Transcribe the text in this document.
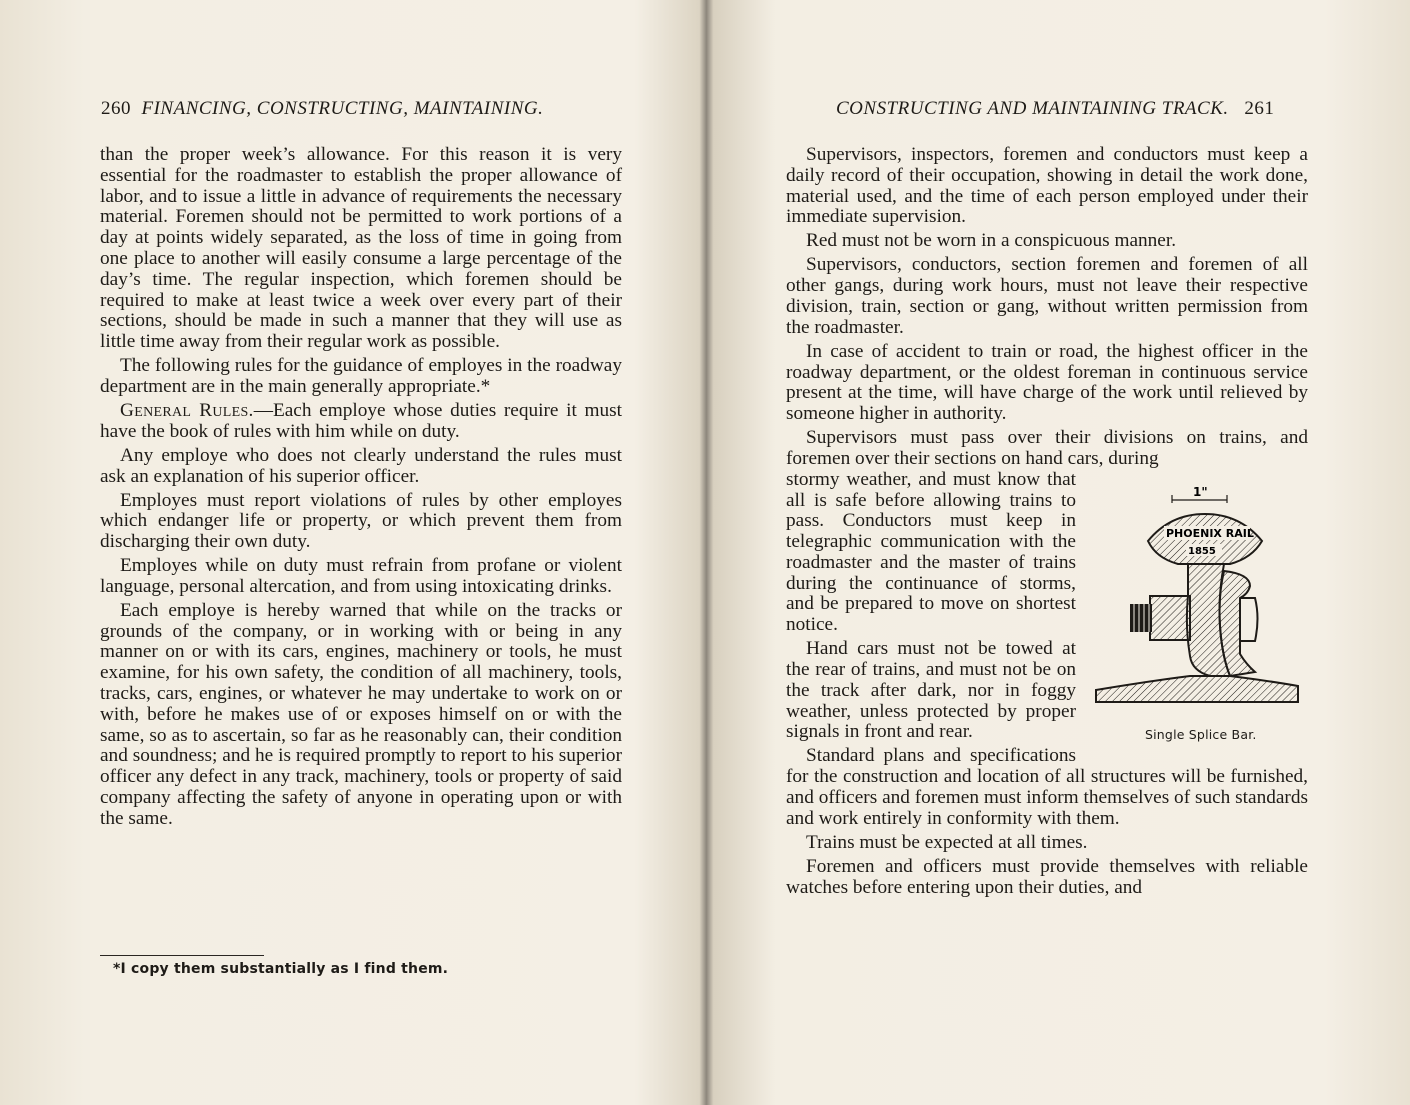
260 FINANCING, CONSTRUCTING, MAINTAINING.

than the proper week’s allowance. For this reason it is very essential for the roadmaster to establish the proper allowance of labor, and to issue a little in advance of requirements the necessary material. Foremen should not be permitted to work portions of a day at points widely separated, as the loss of time in going from one place to another will easily consume a large percentage of the day’s time. The regular inspection, which foremen should be required to make at least twice a week over every part of their sections, should be made in such a manner that they will use as little time away from their regular work as possible.

The following rules for the guidance of employes in the roadway department are in the main generally appropriate.*

General Rules.—Each employe whose duties require it must have the book of rules with him while on duty.

Any employe who does not clearly understand the rules must ask an explanation of his superior officer.

Employes must report violations of rules by other employes which endanger life or property, or which prevent them from discharging their own duty.

Employes while on duty must refrain from profane or violent language, personal altercation, and from using intoxicating drinks.

Each employe is hereby warned that while on the tracks or grounds of the company, or in working with or being in any manner on or with its cars, engines, machinery or tools, he must examine, for his own safety, the condition of all machinery, tools, tracks, cars, engines, or whatever he may undertake to work on or with, before he makes use of or exposes himself on or with the same, so as to ascertain, so far as he reasonably can, their condition and soundness; and he is required promptly to report to his superior officer any defect in any track, machinery, tools or property of said company affecting the safety of anyone in operating upon or with the same.

*I copy them substantially as I find them.
CONSTRUCTING AND MAINTAINING TRACK. 261

Supervisors, inspectors, foremen and conductors must keep a daily record of their occupation, showing in detail the work done, material used, and the time of each person employed under their immediate supervision.

Red must not be worn in a conspicuous manner.

Supervisors, conductors, section foremen and foremen of all other gangs, during work hours, must not leave their respective division, train, section or gang, without written permission from the roadmaster.

In case of accident to train or road, the highest officer in the roadway department, or the oldest foreman in continuous service present at the time, will have charge of the work until relieved by someone higher in authority.

Supervisors must pass over their divisions on trains, and foremen over their sections on hand cars, during

1"
PHOENIX RAIL
1855
Single Splice Bar.

stormy weather, and must know that all is safe before allowing trains to pass. Conductors must keep in telegraphic communication with the roadmaster and the master of trains during the continuance of storms, and be prepared to move on shortest notice.

Hand cars must not be towed at the rear of trains, and must not be on the track after dark, nor in foggy weather, unless protected by proper signals in front and rear.

Standard plans and specifications for the construction and location of all structures will be furnished, and officers and foremen must inform themselves of such standards and work entirely in conformity with them.

Trains must be expected at all times.

Foremen and officers must provide themselves with reliable watches before entering upon their duties, and
